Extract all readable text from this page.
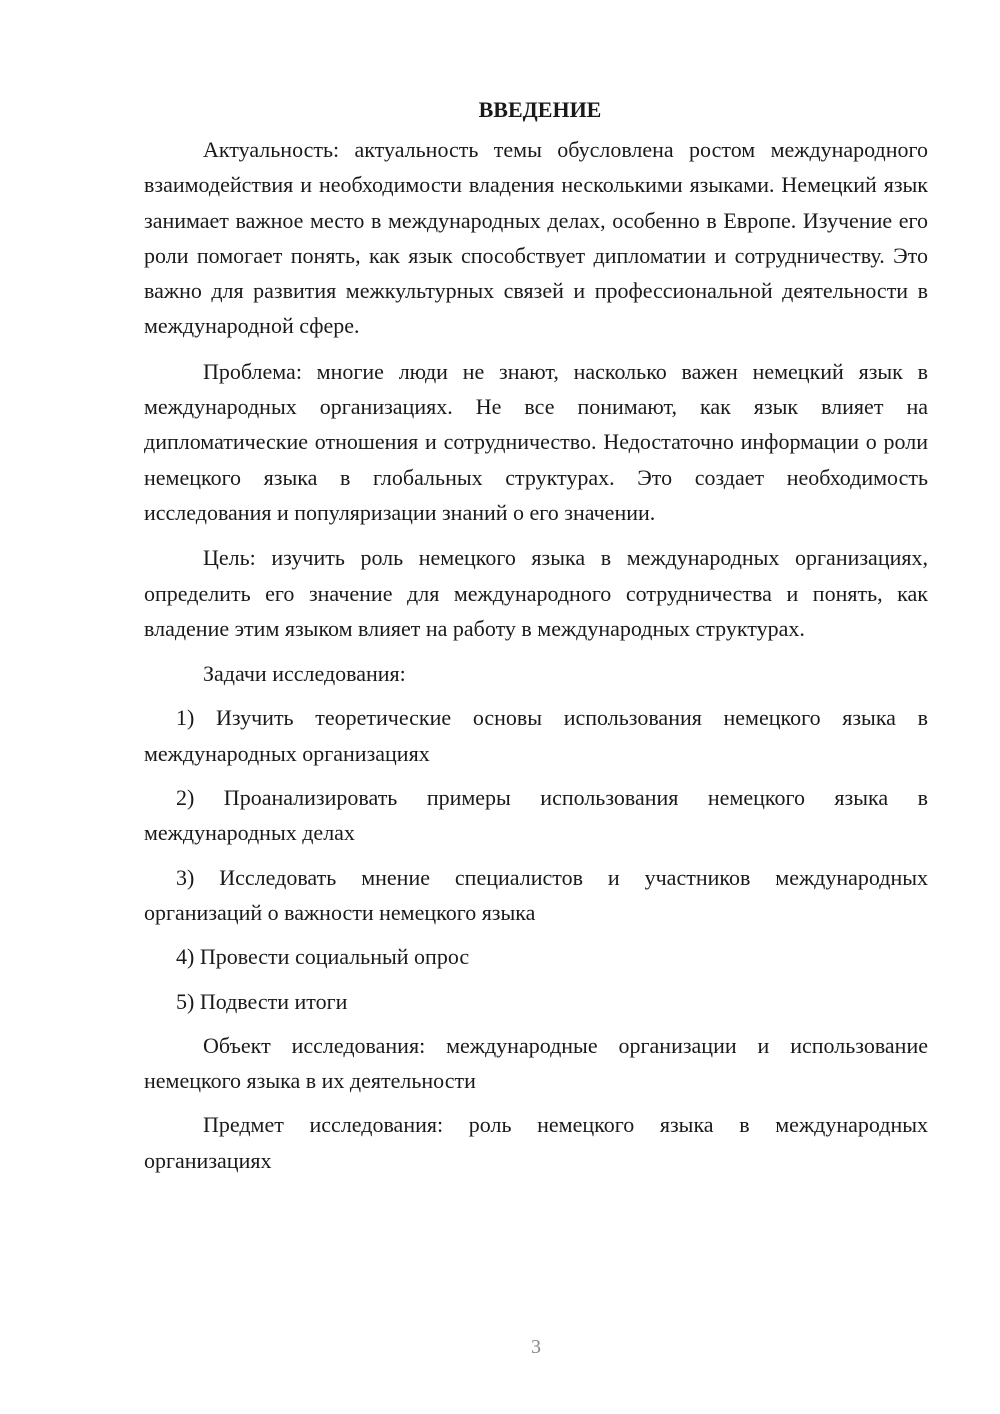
ВВЕДЕНИЕ

Актуальность: актуальность темы обусловлена ростом международного взаимодействия и необходимости владения несколькими языками. Немецкий язык занимает важное место в международных делах, особенно в Европе. Изучение его роли помогает понять, как язык способствует дипломатии и сотрудничеству. Это важно для развития межкультурных связей и профессиональной деятельности в международной сфере.

Проблема: многие люди не знают, насколько важен немецкий язык в международных организациях. Не все понимают, как язык влияет на дипломатические отношения и сотрудничество. Недостаточно информации о роли немецкого языка в глобальных структурах. Это создает необходимость исследования и популяризации знаний о его значении.

Цель: изучить роль немецкого языка в международных организациях, определить его значение для международного сотрудничества и понять, как владение этим языком влияет на работу в международных структурах.

Задачи исследования:

1) Изучить теоретические основы использования немецкого языка в международных организациях

2) Проанализировать примеры использования немецкого языка в международных делах

3) Исследовать мнение специалистов и участников международных организаций о важности немецкого языка

4) Провести социальный опрос

5) Подвести итоги

Объект исследования: международные организации и использование немецкого языка в их деятельности

Предмет исследования: роль немецкого языка в международных организациях

3
